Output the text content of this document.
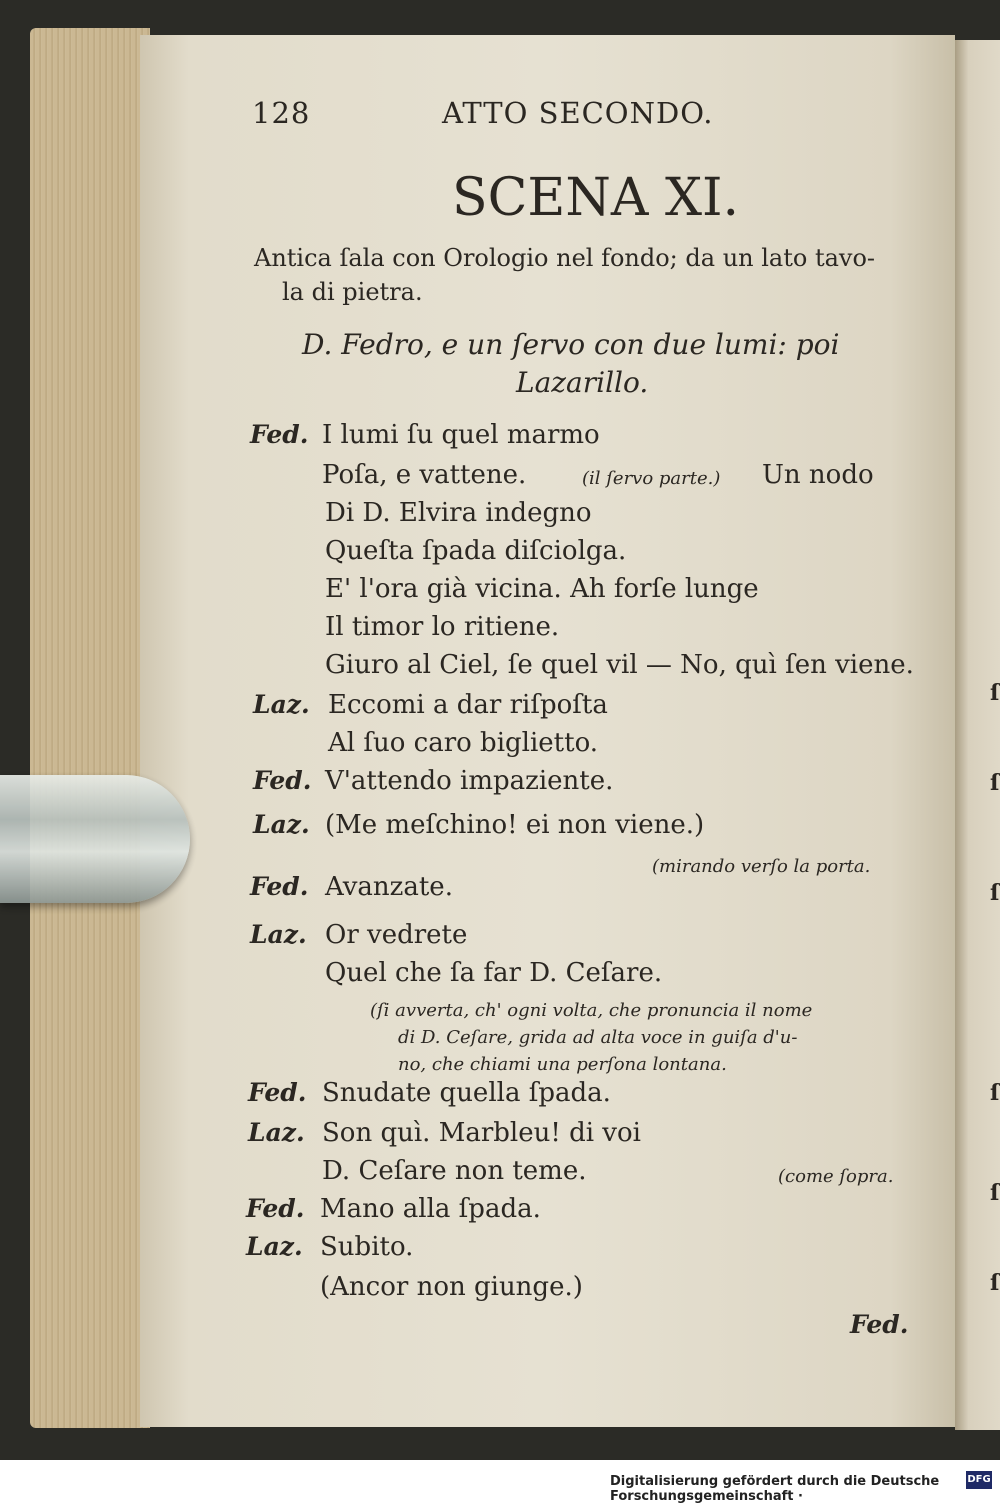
ſ
ſ
ſ
ſ
ſ
ſ
128	ATTO SECONDO.
SCENA XI.
Antica ſala con Orologio nel fondo; da un lato tavo-
la di pietra.
D. Fedro, e un ſervo con due lumi: poi
Lazarillo.
Fed. I lumi ſu quel marmo
Poſa, e vattene.	(il ſervo parte.) Un nodo
Di D. Elvira indegno
Queſta ſpada diſciolga.
E' l'ora già vicina. Ah forſe lunge
Il timor lo ritiene.
Giuro al Ciel, ſe quel vil — No, quì ſen viene.
Laz. Eccomi a dar riſpoſta
Al ſuo caro biglietto.
Fed. V'attendo impaziente.
Laz. (Me meſchino! ei non viene.)
(mirando verſo la porta.
Fed. Avanzate.
Laz. Or vedrete
Quel che ſa far D. Ceſare.
(ſi avverta, ch' ogni volta, che pronuncia il nome
di D. Ceſare, grida ad alta voce in guiſa d'u-
no, che chiami una perſona lontana.
Fed. Snudate quella ſpada.
Laz. Son quì. Marbleu! di voi
D. Ceſare non teme.	(come ſopra.
Fed. Mano alla ſpada.
Laz. Subito.
(Ancor non giunge.)
Fed.
Digitalisierung gefördert durch die Deutsche Forschungsgemeinschaft ·
DFG
